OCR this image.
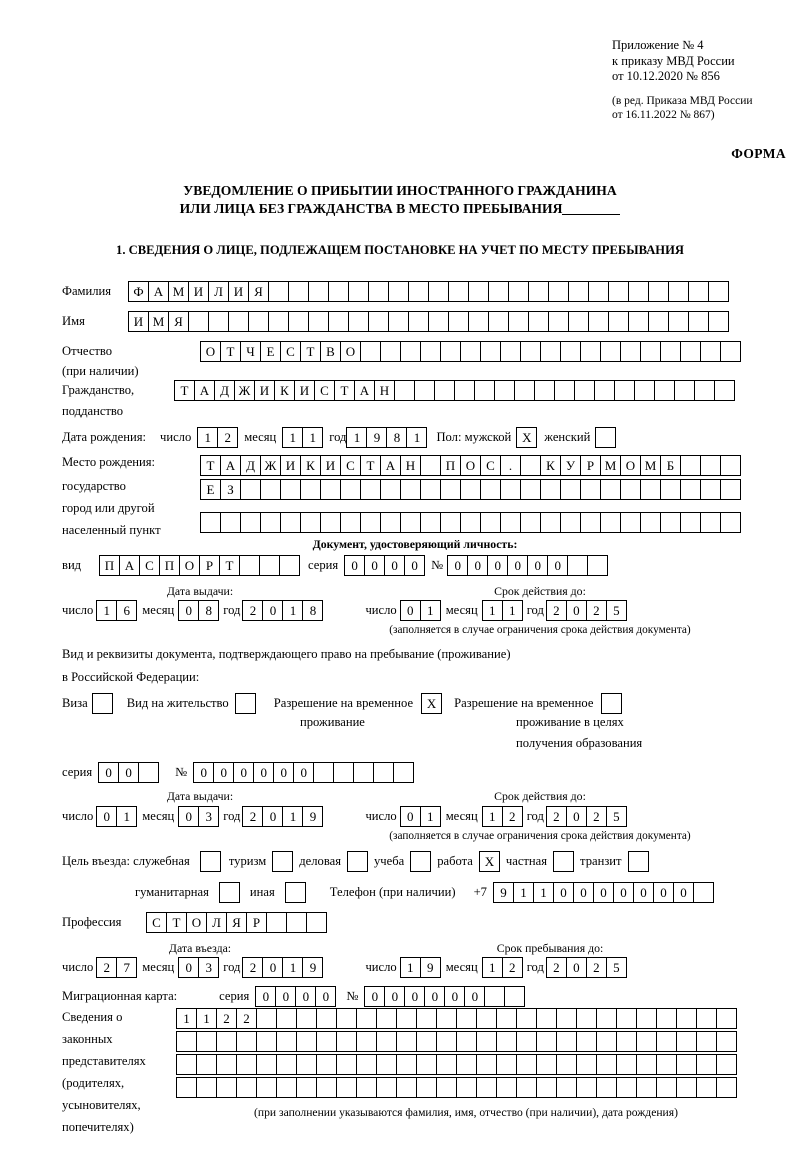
Приложение № 4
к приказу МВД России
от 10.12.2020 № 856
(в ред. Приказа МВД России
от 16.11.2022 № 867)
ФОРМА
УВЕДОМЛЕНИЕ О ПРИБЫТИИ ИНОСТРАННОГО ГРАЖДАНИНА
ИЛИ ЛИЦА БЕЗ ГРАЖДАНСТВА В МЕСТО ПРЕБЫВАНИЯ
1. СВЕДЕНИЯ О ЛИЦЕ, ПОДЛЕЖАЩЕМ ПОСТАНОВКЕ НА УЧЕТ ПО МЕСТУ ПРЕБЫВАНИЯ
Фамилия	Ф А М И Л И Я
Имя	И М Я
Отчество	О Т Ч Е С Т В О
(при наличии)
Гражданство,	Т А Д Ж И К И С Т А Н
подданство
Дата рождения: число	1	2	месяц	1	1	год 1	9	8	1	Пол: мужской X	женский
Место рождения:	Т А Д Ж И К И С Т А Н	П О С	.	К У Р М О М Б
государство	Е З
город или другой
населенный пункт
Документ, удостоверяющий личность:
вид	П А С П О Р Т	серия	0	0	0	0	№ 0	0	0	0	0	0
Дата выдачи:	Срок действия до:
число 1	6 месяц 0	8 год 2	0	1	8	число 0	1 месяц 1	1 год 2	0	2	5
(заполняется в случае ограничения срока действия документа)
Вид и реквизиты документа, подтверждающего право на пребывание (проживание)
в Российской Федерации:
Виза	Вид на жительство	Разрешение на временное	X	Разрешение на временное
проживание	проживание в целях
получения образования
серия	0	0	№	0	0	0	0	0	0
Дата выдачи:	Срок действия до:
число 0	1 месяц 0	3 год 2	0	1	9	число 0	1 месяц 1	2 год 2	0	2	5
(заполняется в случае ограничения срока действия документа)
Цель въезда: служебная	туризм	деловая	учеба	работа X частная	транзит
гуманитарная	иная	Телефон (при наличии) +7	9	1	1	0	0	0	0	0	0	0
Профессия	С Т О Л Я Р
Дата въезда:	Срок пребывания до:
число 2	7 месяц 0	3 год 2	0	1	9	число 1	9 месяц 1	2 год 2	0	2	5
Миграционная карта:	серия	0	0	0	0	№	0	0	0	0	0	0
Сведения о
законных
представителях
(родителях,
усыновителях,
попечителях)
1	1	2	2
(при заполнении указываются фамилия, имя, отчество (при наличии), дата рождения)
